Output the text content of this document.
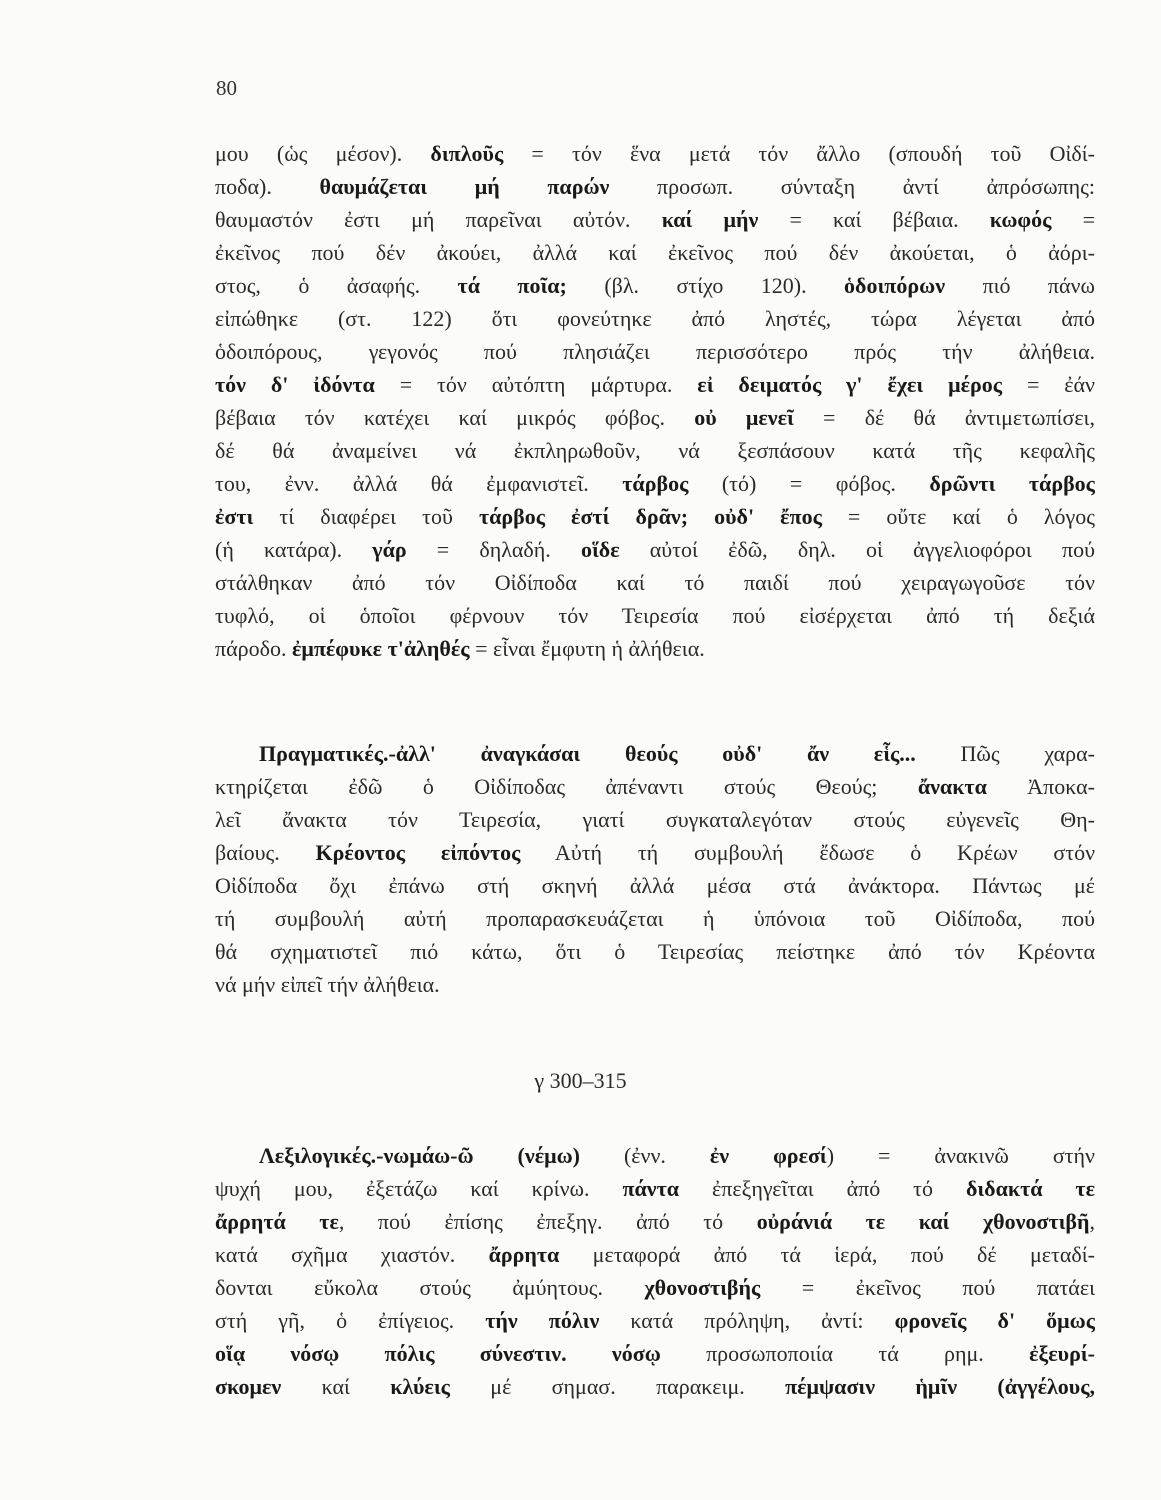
80
μου (ὡς μέσον). διπλοῦς = τόν ἕνα μετά τόν ἄλλο (σπουδή τοῦ Οἰδί-
ποδα). θαυμάζεται μή παρών προσωπ. σύνταξη ἀντί ἀπρόσωπης:
θαυμαστόν ἐστι μή παρεῖναι αὐτόν. καί μήν = καί βέβαια. κωφός =
ἐκεῖνος πού δέν ἀκούει, ἀλλά καί ἐκεῖνος πού δέν ἀκούεται, ὁ ἀόρι-
στος, ὁ ἀσαφής. τά ποῖα; (βλ. στίχο 120). ὁδοιπόρων πιό πάνω
εἰπώθηκε (στ. 122) ὅτι φονεύτηκε ἀπό ληστές, τώρα λέγεται ἀπό
ὁδοιπόρους, γεγονός πού πλησιάζει περισσότερο πρός τήν ἀλήθεια.
τόν δ' ἰδόντα = τόν αὐτόπτη μάρτυρα. εἰ δειματός γ' ἔχει μέρος = ἐάν
βέβαια τόν κατέχει καί μικρός φόβος. οὐ μενεῖ = δέ θά ἀντιμετωπίσει,
δέ θά ἀναμείνει νά ἐκπληρωθοῦν, νά ξεσπάσουν κατά τῆς κεφαλῆς
του, ἐνν. ἀλλά θά ἐμφανιστεῖ. τάρβος (τό) = φόβος. δρῶντι τάρβος
ἐστι τί διαφέρει τοῦ τάρβος ἐστί δρᾶν; οὐδ' ἔπος = οὔτε καί ὁ λόγος
(ἡ κατάρα). γάρ = δηλαδή. οἵδε αὐτοί ἐδῶ, δηλ. οἱ ἀγγελιοφόροι πού
στάλθηκαν ἀπό τόν Οἰδίποδα καί τό παιδί πού χειραγωγοῦσε τόν
τυφλό, οἱ ὁποῖοι φέρνουν τόν Τειρεσία πού εἰσέρχεται ἀπό τή δεξιά
πάροδο. ἐμπέφυκε τ'ἀληθές = εἶναι ἔμφυτη ἡ ἀλήθεια.
Πραγματικές.-ἀλλ' ἀναγκάσαι θεούς οὐδ' ἄν εἷς... Πῶς χαρα-
κτηρίζεται ἐδῶ ὁ Οἰδίποδας ἀπέναντι στούς Θεούς; ἄνακτα Ἀποκα-
λεῖ ἄνακτα τόν Τειρεσία, γιατί συγκαταλεγόταν στούς εὐγενεῖς Θη-
βαίους. Κρέοντος εἰπόντος Αὐτή τή συμβουλή ἔδωσε ὁ Κρέων στόν
Οἰδίποδα ὄχι ἐπάνω στή σκηνή ἀλλά μέσα στά ἀνάκτορα. Πάντως μέ
τή συμβουλή αὐτή προπαρασκευάζεται ἡ ὑπόνοια τοῦ Οἰδίποδα, πού
θά σχηματιστεῖ πιό κάτω, ὅτι ὁ Τειρεσίας πείστηκε ἀπό τόν Κρέοντα
νά μήν εἰπεῖ τήν ἀλήθεια.
γ 300–315
Λεξιλογικές.-νωμάω-ῶ (νέμω) (ἐνν. ἐν φρεσί) = ἀνακινῶ στήν
ψυχή μου, ἐξετάζω καί κρίνω. πάντα ἐπεξηγεῖται ἀπό τό διδακτά τε
ἄρρητά τε, πού ἐπίσης ἐπεξηγ. ἀπό τό οὐράνιά τε καί χθονοστιβῆ,
κατά σχῆμα χιαστόν. ἄρρητα μεταφορά ἀπό τά ἱερά, πού δέ μεταδί-
δονται εὔκολα στούς ἀμύητους. χθονοστιβής = ἐκεῖνος πού πατάει
στή γῆ, ὁ ἐπίγειος. τήν πόλιν κατά πρόληψη, ἀντί: φρονεῖς δ' ὅμως
οἵᾳ νόσῳ πόλις σύνεστιν. νόσῳ προσωποποιία τά ρημ. ἐξευρί-
σκομεν καί κλύεις μέ σημασ. παρακειμ. πέμψασιν ἡμῖν (ἀγγέλους,
